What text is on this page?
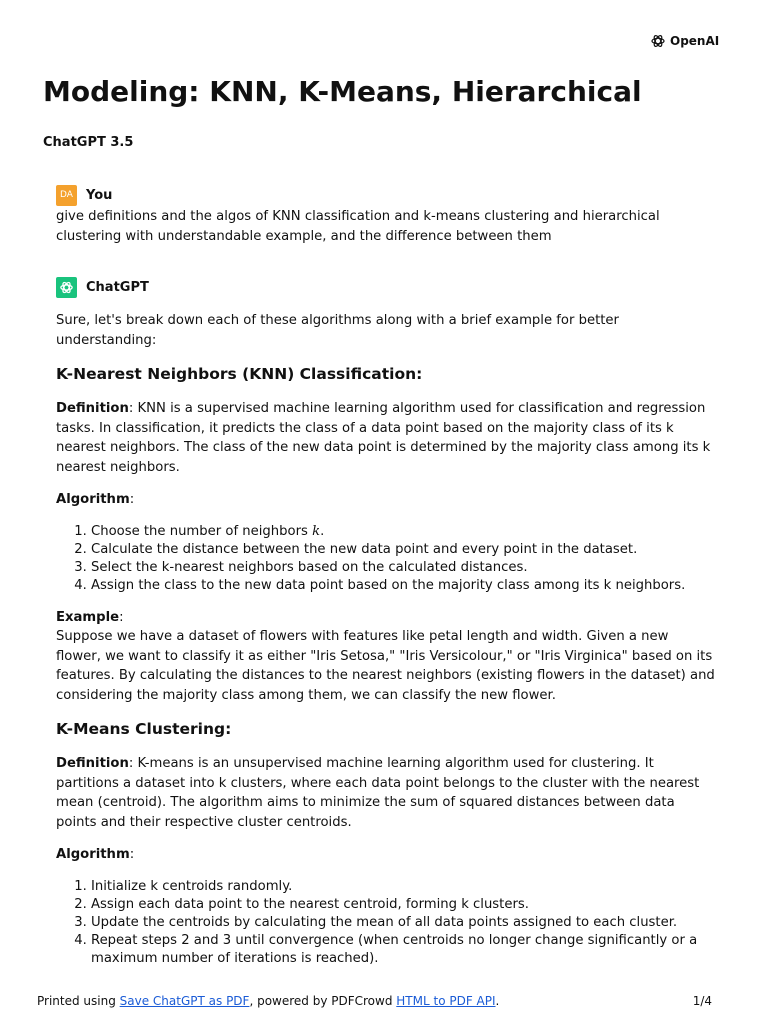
OpenAI
Modeling: KNN, K-Means, Hierarchical
ChatGPT 3.5
DA	You
give definitions and the algos of KNN classification and k-means clustering and hierarchical clustering with understandable example, and the difference between them
ChatGPT

Sure, let's break down each of these algorithms along with a brief example for better understanding:

K-Nearest Neighbors (KNN) Classification:

Definition: KNN is a supervised machine learning algorithm used for classification and regression tasks. In classification, it predicts the class of a data point based on the majority class of its k nearest neighbors. The class of the new data point is determined by the majority class among its k nearest neighbors.

Algorithm:

1. Choose the number of neighbors k.
2. Calculate the distance between the new data point and every point in the dataset.
3. Select the k-nearest neighbors based on the calculated distances.
4. Assign the class to the new data point based on the majority class among its k neighbors.

Example:
Suppose we have a dataset of flowers with features like petal length and width. Given a new flower, we want to classify it as either "Iris Setosa," "Iris Versicolour," or "Iris Virginica" based on its features. By calculating the distances to the nearest neighbors (existing flowers in the dataset) and considering the majority class among them, we can classify the new flower.

K-Means Clustering:

Definition: K-means is an unsupervised machine learning algorithm used for clustering. It partitions a dataset into k clusters, where each data point belongs to the cluster with the nearest mean (centroid). The algorithm aims to minimize the sum of squared distances between data points and their respective cluster centroids.

Algorithm:

1. Initialize k centroids randomly.
2. Assign each data point to the nearest centroid, forming k clusters.
3. Update the centroids by calculating the mean of all data points assigned to each cluster.
4. Repeat steps 2 and 3 until convergence (when centroids no longer change significantly or a maximum number of iterations is reached).
Printed using Save ChatGPT as PDF, powered by PDFCrowd HTML to PDF API.	1/4
